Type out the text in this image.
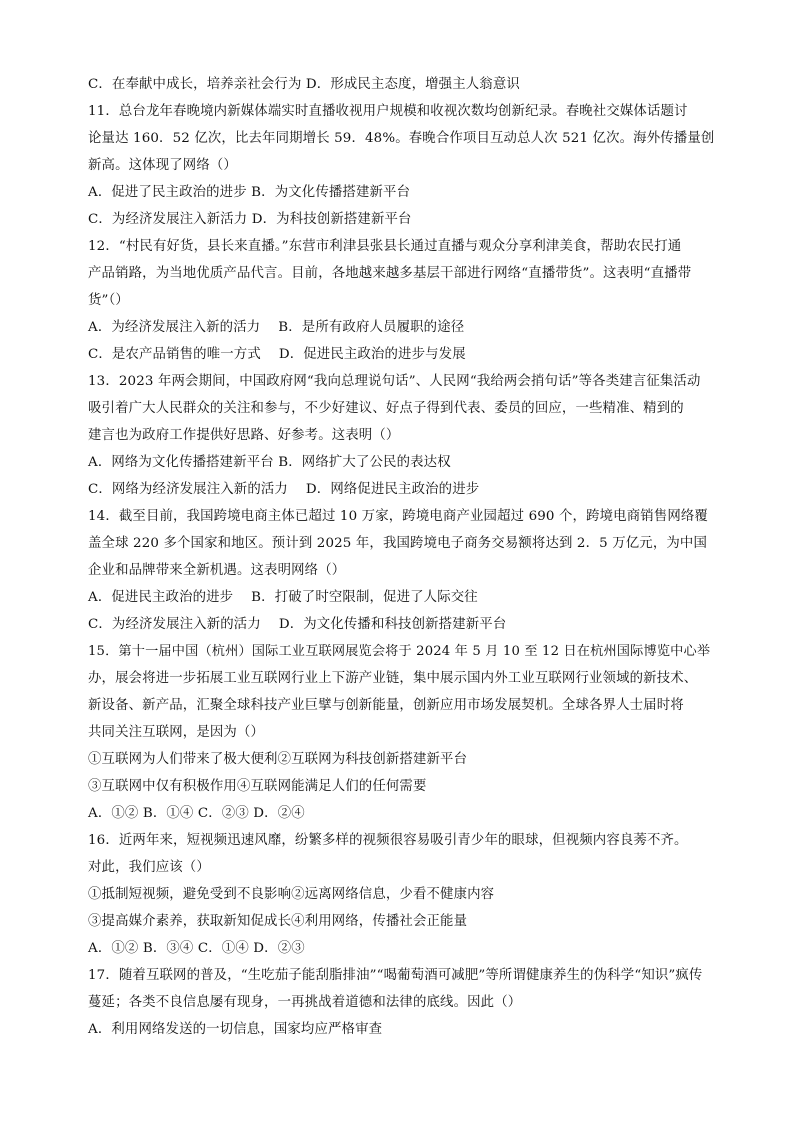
C．在奉献中成长，培养亲社会行为 D．形成民主态度，增强主人翁意识
11．总台龙年春晚境内新媒体端实时直播收视用户规模和收视次数均创新纪录。春晚社交媒体话题讨
论量达 160．52 亿次，比去年同期增长 59．48%。春晚合作项目互动总人次 521 亿次。海外传播量创
新高。这体现了网络（）
A．促进了民主政治的进步 B．为文化传播搭建新平台
C．为经济发展注入新活力 D．为科技创新搭建新平台
12．“村民有好货，县长来直播。”东营市利津县张县长通过直播与观众分享利津美食，帮助农民打通
产品销路，为当地优质产品代言。目前，各地越来越多基层干部进行网络“直播带货”。这表明“直播带
货”（）
A．为经济发展注入新的活力　 B．是所有政府人员履职的途径
C．是农产品销售的唯一方式　 D．促进民主政治的进步与发展
13．2023 年两会期间，中国政府网“我向总理说句话”、人民网“我给两会捎句话”等各类建言征集活动
吸引着广大人民群众的关注和参与，不少好建议、好点子得到代表、委员的回应，一些精准、精到的
建言也为政府工作提供好思路、好参考。这表明（）
A．网络为文化传播搭建新平台 B．网络扩大了公民的表达权
C．网络为经济发展注入新的活力　 D．网络促进民主政治的进步
14．截至目前，我国跨境电商主体已超过 10 万家，跨境电商产业园超过 690 个，跨境电商销售网络覆
盖全球 220 多个国家和地区。预计到 2025 年，我国跨境电子商务交易额将达到 2．5 万亿元，为中国
企业和品牌带来全新机遇。这表明网络（）
A．促进民主政治的进步　 B．打破了时空限制，促进了人际交往
C．为经济发展注入新的活力　 D．为文化传播和科技创新搭建新平台
15．第十一届中国（杭州）国际工业互联网展览会将于 2024 年 5 月 10 至 12 日在杭州国际博览中心举
办，展会将进一步拓展工业互联网行业上下游产业链，集中展示国内外工业互联网行业领域的新技术、
新设备、新产品，汇聚全球科技产业巨擘与创新能量，创新应用市场发展契机。全球各界人士届时将
共同关注互联网，是因为（）
①互联网为人们带来了极大便利②互联网为科技创新搭建新平台
③互联网中仅有积极作用④互联网能满足人们的任何需要
A．①② B．①④ C．②③ D．②④
16．近两年来，短视频迅速风靡，纷繁多样的视频很容易吸引青少年的眼球，但视频内容良莠不齐。
对此，我们应该（）
①抵制短视频，避免受到不良影响②远离网络信息，少看不健康内容
③提高媒介素养，获取新知促成长④利用网络，传播社会正能量
A．①② B．③④ C．①④ D．②③
17．随着互联网的普及，“生吃茄子能刮脂排油”“喝葡萄酒可减肥”等所谓健康养生的伪科学“知识”疯传
蔓延；各类不良信息屡有现身，一再挑战着道德和法律的底线。因此（）
A．利用网络发送的一切信息，国家均应严格审查
